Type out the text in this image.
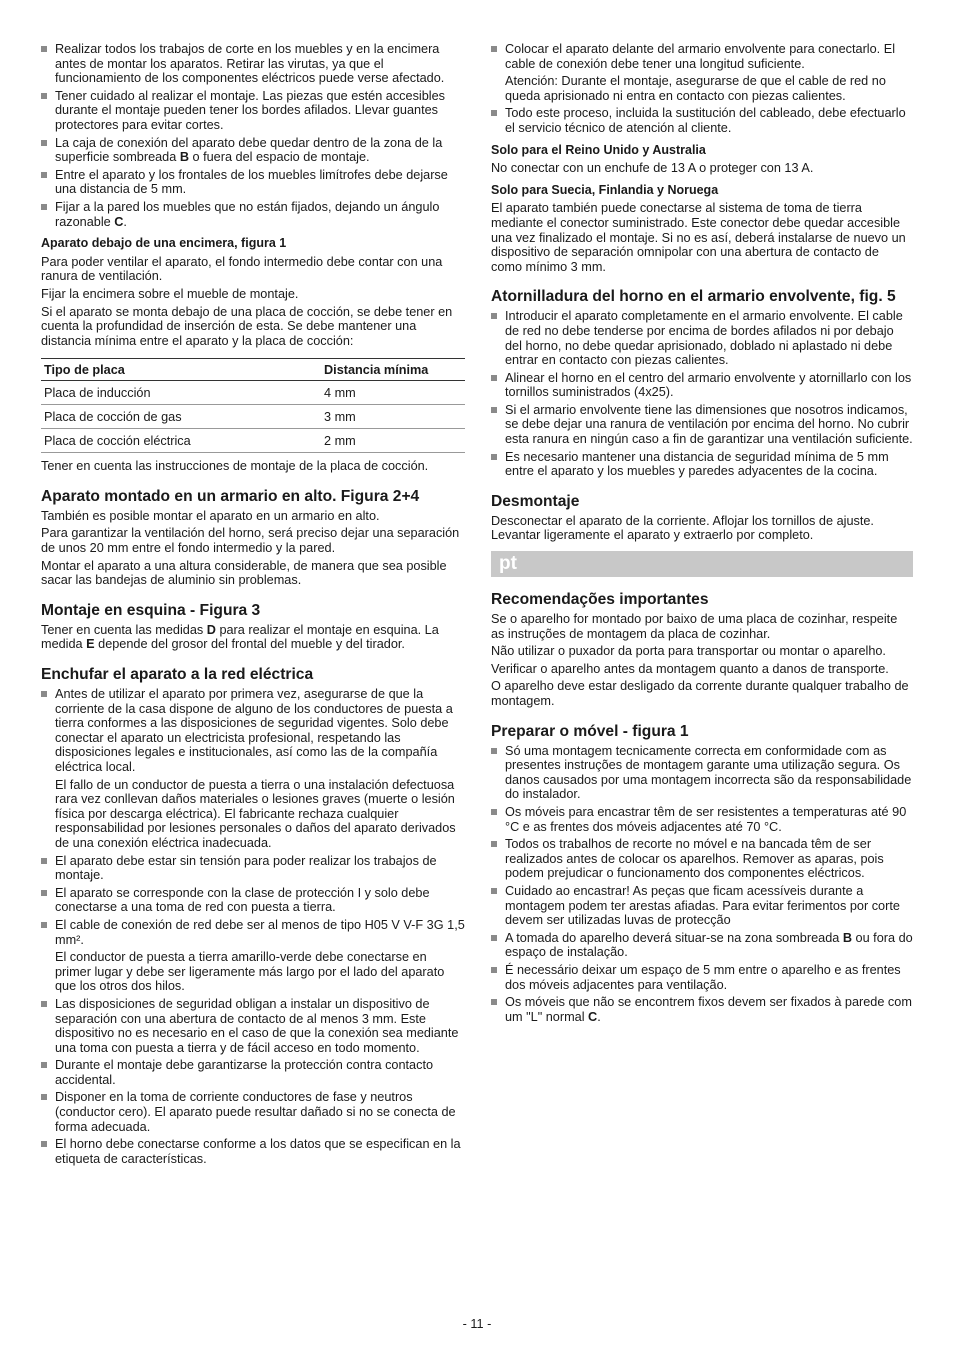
Realizar todos los trabajos de corte en los muebles y en la encimera antes de montar los aparatos. Retirar las virutas, ya que el funcionamiento de los componentes eléctricos puede verse afectado.
Tener cuidado al realizar el montaje. Las piezas que estén accesibles durante el montaje pueden tener los bordes afilados. Llevar guantes protectores para evitar cortes.
La caja de conexión del aparato debe quedar dentro de la zona de la superficie sombreada B o fuera del espacio de montaje.
Entre el aparato y los frontales de los muebles limítrofes debe dejarse una distancia de 5 mm.
Fijar a la pared los muebles que no están fijados, dejando un ángulo razonable C.
Aparato debajo de una encimera, figura 1

Para poder ventilar el aparato, el fondo intermedio debe contar con una ranura de ventilación.

Fijar la encimera sobre el mueble de montaje.

Si el aparato se monta debajo de una placa de cocción, se debe tener en cuenta la profundidad de inserción de esta. Se debe mantener una distancia mínima entre el aparato y la placa de cocción:

Tipo de placa	Distancia mínima
Placa de inducción	4 mm
Placa de cocción de gas	3 mm
Placa de cocción eléctrica	2 mm

Tener en cuenta las instrucciones de montaje de la placa de cocción.

Aparato montado en un armario en alto. Figura 2+4

También es posible montar el aparato en un armario en alto.

Para garantizar la ventilación del horno, será preciso dejar una separación de unos 20 mm entre el fondo intermedio y la pared.

Montar el aparato a una altura considerable, de manera que sea posible sacar las bandejas de aluminio sin problemas.

Montaje en esquina - Figura 3

Tener en cuenta las medidas D para realizar el montaje en esquina. La medida E depende del grosor del frontal del mueble y del tirador.

Enchufar el aparato a la red eléctrica
Antes de utilizar el aparato por primera vez, asegurarse de que la corriente de la casa dispone de alguno de los conductores de puesta a tierra conformes a las disposiciones de seguridad vigentes. Solo debe conectar el aparato un electricista profesional, respetando las disposiciones legales e institucionales, así como las de la compañía eléctrica local.
El fallo de un conductor de puesta a tierra o una instalación defectuosa rara vez conllevan daños materiales o lesiones graves (muerte o lesión física por descarga eléctrica). El fabricante rechaza cualquier responsabilidad por lesiones personales o daños del aparato derivados de una conexión eléctrica inadecuada.
El aparato debe estar sin tensión para poder realizar los trabajos de montaje.
El aparato se corresponde con la clase de protección I y solo debe conectarse a una toma de red con puesta a tierra.
El cable de conexión de red debe ser al menos de tipo H05 V V-F 3G 1,5 mm².
El conductor de puesta a tierra amarillo-verde debe conectarse en primer lugar y debe ser ligeramente más largo por el lado del aparato que los otros dos hilos.
Las disposiciones de seguridad obligan a instalar un dispositivo de separación con una abertura de contacto de al menos 3 mm. Este dispositivo no es necesario en el caso de que la conexión sea mediante una toma con puesta a tierra y de fácil acceso en todo momento.
Durante el montaje debe garantizarse la protección contra contacto accidental.
Disponer en la toma de corriente conductores de fase y neutros (conductor cero). El aparato puede resultar dañado si no se conecta de forma adecuada.
El horno debe conectarse conforme a los datos que se especifican en la etiqueta de características.
Colocar el aparato delante del armario envolvente para conectarlo. El cable de conexión debe tener una longitud suficiente.
Atención: Durante el montaje, asegurarse de que el cable de red no queda aprisionado ni entra en contacto con piezas calientes.
Todo este proceso, incluida la sustitución del cableado, debe efectuarlo el servicio técnico de atención al cliente.
Solo para el Reino Unido y Australia

No conectar con un enchufe de 13 A o proteger con 13 A.

Solo para Suecia, Finlandia y Noruega

El aparato también puede conectarse al sistema de toma de tierra mediante el conector suministrado. Este conector debe quedar accesible una vez finalizado el montaje. Si no es así, deberá instalarse de nuevo un dispositivo de separación omnipolar con una abertura de contacto de como mínimo 3 mm.

Atornilladura del horno en el armario envolvente, fig. 5
Introducir el aparato completamente en el armario envolvente. El cable de red no debe tenderse por encima de bordes afilados ni por debajo del horno, no debe quedar aprisionado, doblado ni aplastado ni debe entrar en contacto con piezas calientes.
Alinear el horno en el centro del armario envolvente y atornillarlo con los tornillos suministrados (4x25).
Si el armario envolvente tiene las dimensiones que nosotros indicamos, se debe dejar una ranura de ventilación por encima del horno. No cubrir esta ranura en ningún caso a fin de garantizar una ventilación suficiente.
Es necesario mantener una distancia de seguridad mínima de 5 mm entre el aparato y los muebles y paredes adyacentes de la cocina.
Desmontaje

Desconectar el aparato de la corriente. Aflojar los tornillos de ajuste. Levantar ligeramente el aparato y extraerlo por completo.

pt
Recomendações importantes

Se o aparelho for montado por baixo de uma placa de cozinhar, respeite as instruções de montagem da placa de cozinhar.

Não utilizar o puxador da porta para transportar ou montar o aparelho.

Verificar o aparelho antes da montagem quanto a danos de transporte.

O aparelho deve estar desligado da corrente durante qualquer trabalho de montagem.

Preparar o móvel - figura 1
Só uma montagem tecnicamente correcta em conformidade com as presentes instruções de montagem garante uma utilização segura. Os danos causados por uma montagem incorrecta são da responsabilidade do instalador.
Os móveis para encastrar têm de ser resistentes a temperaturas até 90 °C e as frentes dos móveis adjacentes até 70 °C.
Todos os trabalhos de recorte no móvel e na bancada têm de ser realizados antes de colocar os aparelhos. Remover as aparas, pois podem prejudicar o funcionamento dos componentes eléctricos.
Cuidado ao encastrar! As peças que ficam acessíveis durante a montagem podem ter arestas afiadas. Para evitar ferimentos por corte devem ser utilizadas luvas de protecção
A tomada do aparelho deverá situar-se na zona sombreada B ou fora do espaço de instalação.
É necessário deixar um espaço de 5 mm entre o aparelho e as frentes dos móveis adjacentes para ventilação.
Os móveis que não se encontrem fixos devem ser fixados à parede com um "L" normal C.
- 11 -
